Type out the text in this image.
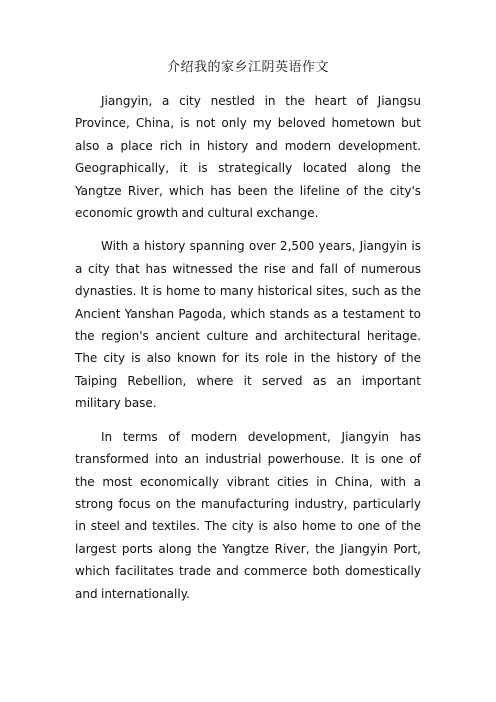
介绍我的家乡江阴英语作文

Jiangyin, a city nestled in the heart of Jiangsu Province, China, is not only my beloved hometown but also a place rich in history and modern development. Geographically, it is strategically located along the Yangtze River, which has been the lifeline of the city's economic growth and cultural exchange.

With a history spanning over 2,500 years, Jiangyin is a city that has witnessed the rise and fall of numerous dynasties. It is home to many historical sites, such as the Ancient Yanshan Pagoda, which stands as a testament to the region's ancient culture and architectural heritage. The city is also known for its role in the history of the Taiping Rebellion, where it served as an important military base.

In terms of modern development, Jiangyin has transformed into an industrial powerhouse. It is one of the most economically vibrant cities in China, with a strong focus on the manufacturing industry, particularly in steel and textiles. The city is also home to one of the largest ports along the Yangtze River, the Jiangyin Port, which facilitates trade and commerce both domestically and internationally.
